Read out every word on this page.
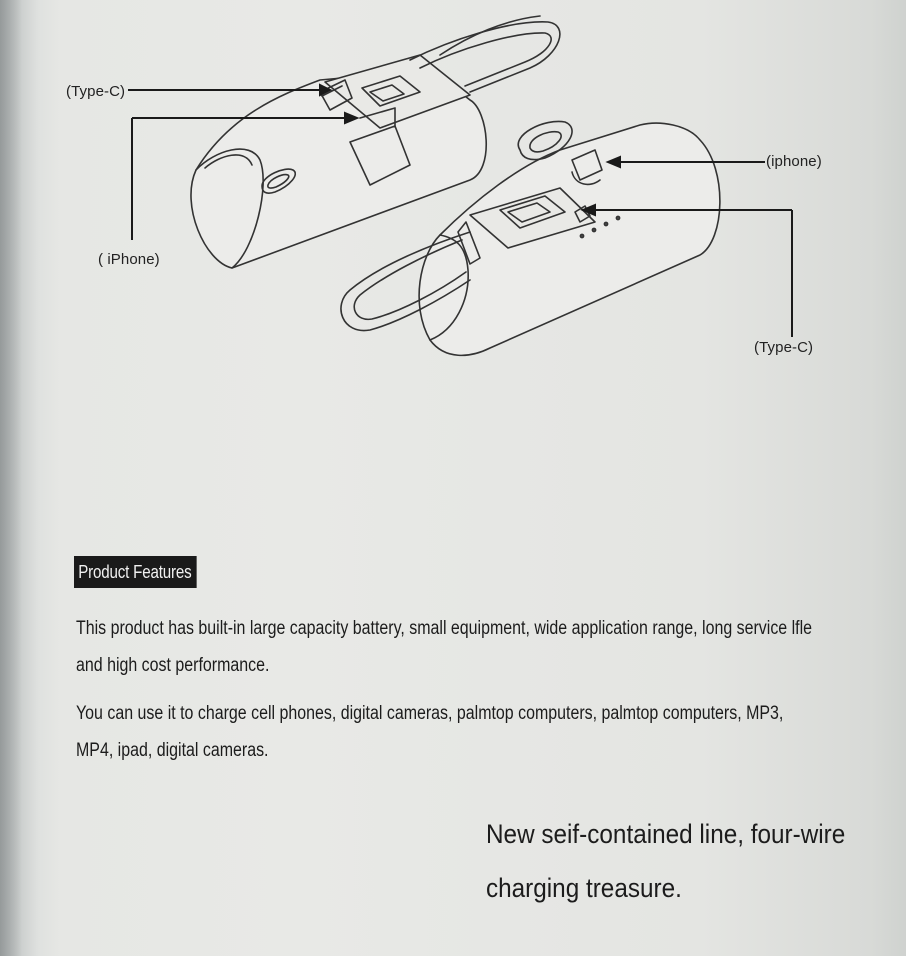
(Type-C)
( iPhone)
(iphone)
(Type-C)
Product Features

This product has built-in large capacity battery, small equipment, wide application range, long service lfle and high cost performance.

You can use it to charge cell phones, digital cameras, palmtop computers, palmtop computers, MP3, MP4, ipad, digital cameras.

New seif-contained line, four-wire charging treasure.
